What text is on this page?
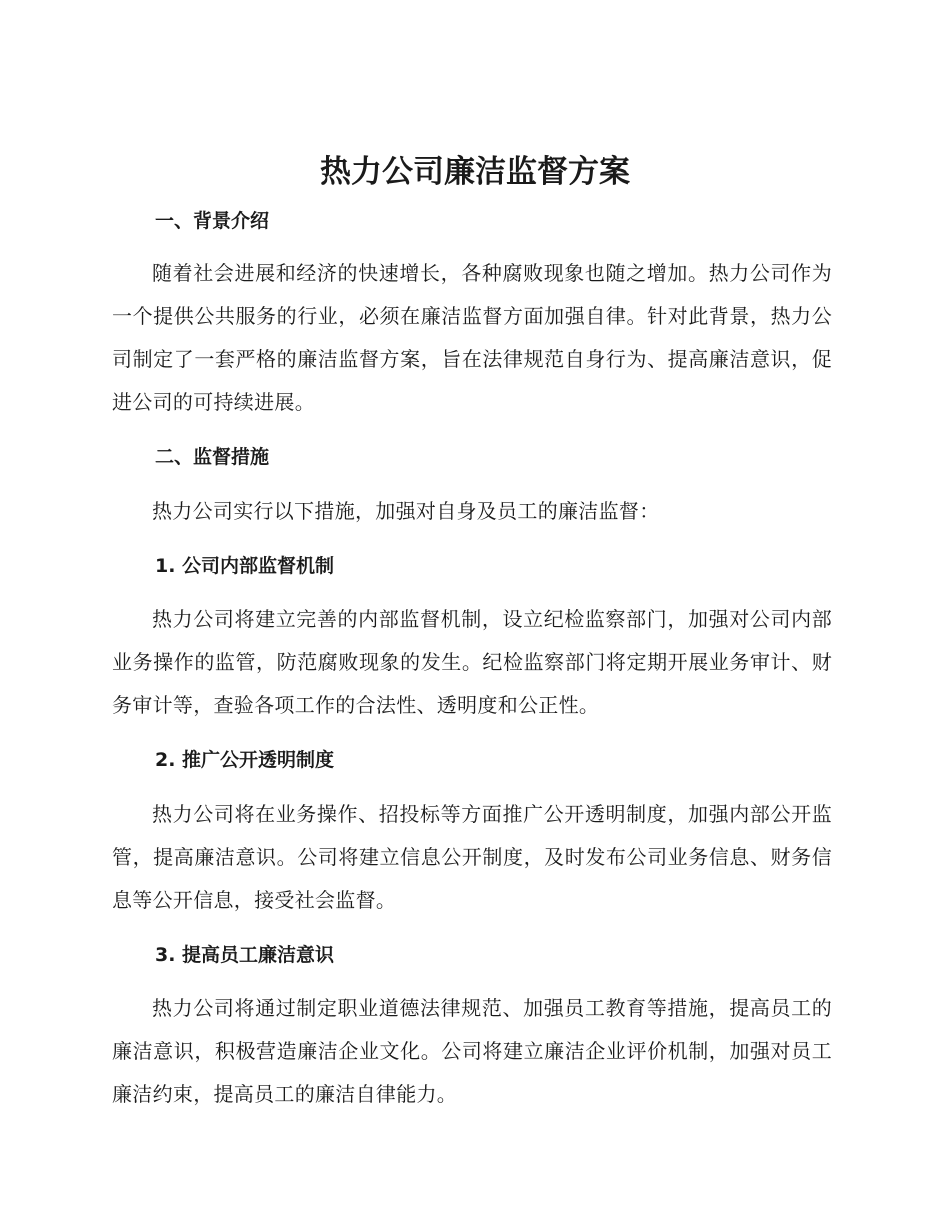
热力公司廉洁监督方案
一、背景介绍

随着社会进展和经济的快速增长，各种腐败现象也随之增加。热力公司作为一个提供公共服务的行业，必须在廉洁监督方面加强自律。针对此背景，热力公司制定了一套严格的廉洁监督方案，旨在法律规范自身行为、提高廉洁意识，促进公司的可持续进展。

二、监督措施

热力公司实行以下措施，加强对自身及员工的廉洁监督：

1. 公司内部监督机制

热力公司将建立完善的内部监督机制，设立纪检监察部门，加强对公司内部业务操作的监管，防范腐败现象的发生。纪检监察部门将定期开展业务审计、财务审计等，查验各项工作的合法性、透明度和公正性。

2. 推广公开透明制度

热力公司将在业务操作、招投标等方面推广公开透明制度，加强内部公开监管，提高廉洁意识。公司将建立信息公开制度，及时发布公司业务信息、财务信息等公开信息，接受社会监督。

3. 提高员工廉洁意识

热力公司将通过制定职业道德法律规范、加强员工教育等措施，提高员工的廉洁意识，积极营造廉洁企业文化。公司将建立廉洁企业评价机制，加强对员工廉洁约束，提高员工的廉洁自律能力。
